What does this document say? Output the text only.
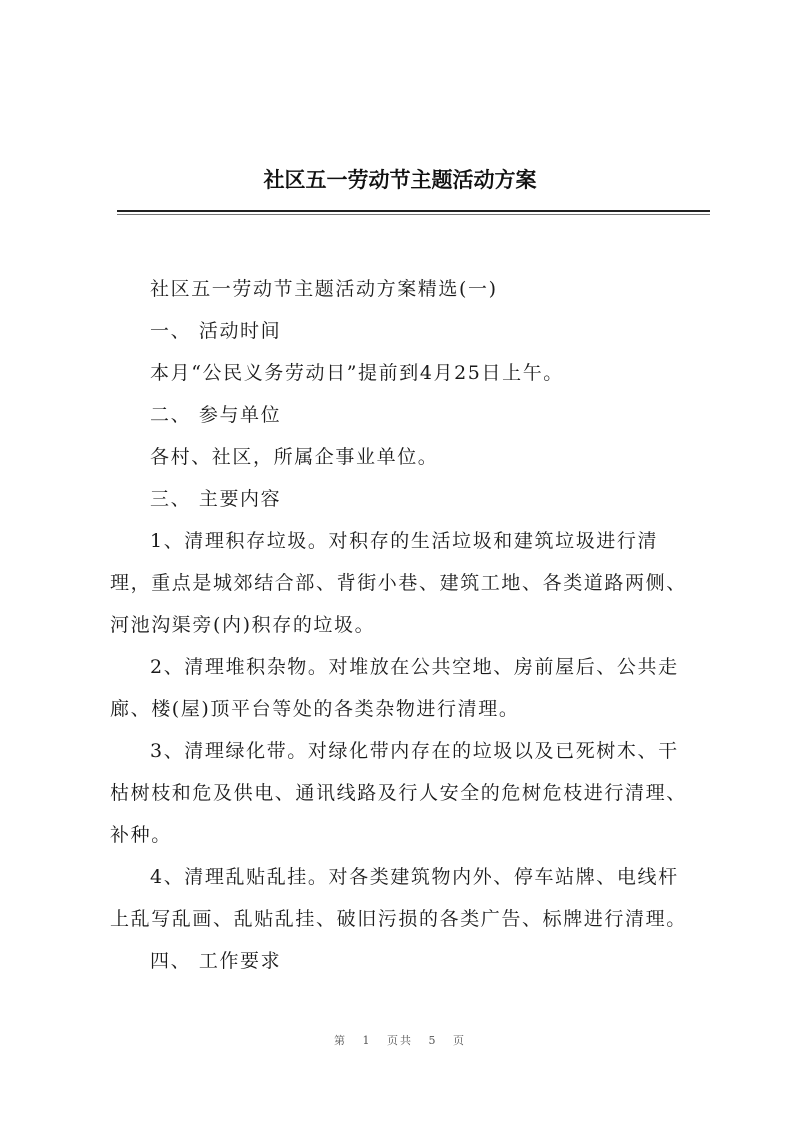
社区五一劳动节主题活动方案
社区五一劳动节主题活动方案精选(一)
一、 活动时间
本月“公民义务劳动日”提前到4月25日上午。
二、 参与单位
各村、社区，所属企事业单位。
三、 主要内容
1、清理积存垃圾。对积存的生活垃圾和建筑垃圾进行清
理，重点是城郊结合部、背街小巷、建筑工地、各类道路两侧、
河池沟渠旁(内)积存的垃圾。
2、清理堆积杂物。对堆放在公共空地、房前屋后、公共走
廊、楼(屋)顶平台等处的各类杂物进行清理。
3、清理绿化带。对绿化带内存在的垃圾以及已死树木、干
枯树枝和危及供电、通讯线路及行人安全的危树危枝进行清理、
补种。
4、清理乱贴乱挂。对各类建筑物内外、停车站牌、电线杆
上乱写乱画、乱贴乱挂、破旧污损的各类广告、标牌进行清理。
四、 工作要求
第 1 页共 5 页
